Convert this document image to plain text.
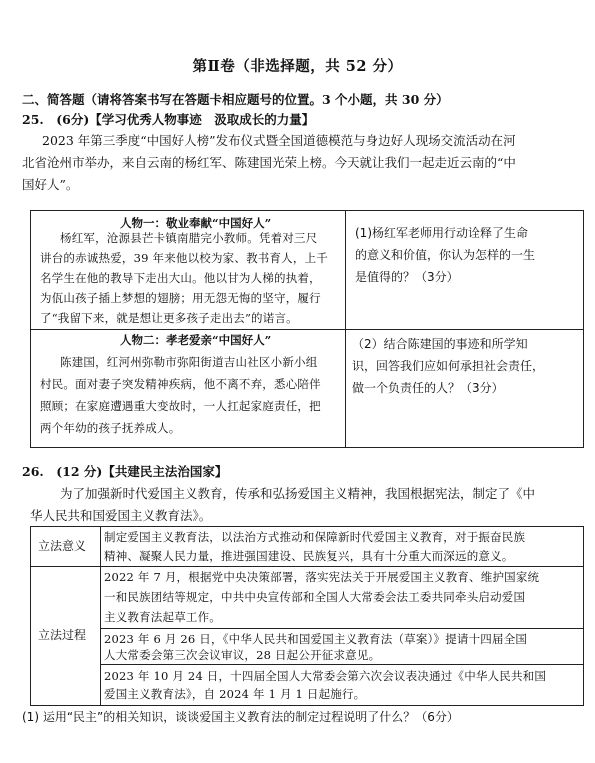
第Ⅱ卷（非选择题，共 52 分）
二、简答题（请将答案书写在答题卡相应题号的位置。3 个小题，共 30 分）
25.　(6分)【学习优秀人物事迹　汲取成长的力量】
2023 年第三季度“中国好人榜”发布仪式暨全国道德模范与身边好人现场交流活动在河
北省沧州市举办，来自云南的杨红军、陈建国光荣上榜。今天就让我们一起走近云南的“中
国好人”。
人物一：敬业奉献“中国好人”
杨红军，沧源县芒卡镇南腊完小教师。凭着对三尺
讲台的赤诚热爱，39 年来他以校为家、教书育人，上千
名学生在他的教导下走出大山。他以甘为人梯的执着，
为佤山孩子插上梦想的翅膀；用无怨无悔的坚守，履行
了“我留下来，就是想让更多孩子走出去”的诺言。
(1)杨红军老师用行动诠释了生命
的意义和价值，你认为怎样的一生
是值得的？（3分）
人物二：孝老爱亲“中国好人”
陈建国，红河州弥勒市弥阳街道吉山社区小新小组
村民。面对妻子突发精神疾病，他不离不弃，悉心陪伴
照顾；在家庭遭遇重大变故时，一人扛起家庭责任，把
两个年幼的孩子抚养成人。
（2）结合陈建国的事迹和所学知
识，回答我们应如何承担社会责任，
做一个负责任的人？（3分）
26.　(12 分)【共建民主法治国家】
为了加强新时代爱国主义教育，传承和弘扬爱国主义精神，我国根据宪法，制定了《中
华人民共和国爱国主义教育法》。
立法意义
制定爱国主义教育法，以法治方式推动和保障新时代爱国主义教育，对于振奋民族
精神、凝聚人民力量，推进强国建设、民族复兴，具有十分重大而深远的意义。
立法过程
2022 年 7 月，根据党中央决策部署，落实宪法关于开展爱国主义教育、维护国家统
一和民族团结等规定，中共中央宣传部和全国人大常委会法工委共同牵头启动爱国
主义教育法起草工作。
2023 年 6 月 26 日，《中华人民共和国爱国主义教育法（草案）》提请十四届全国
人大常委会第三次会议审议，28 日起公开征求意见。
2023 年 10 月 24 日，十四届全国人大常委会第六次会议表决通过《中华人民共和国
爱国主义教育法》，自 2024 年 1 月 1 日起施行。
(1) 运用“民主”的相关知识，谈谈爱国主义教育法的制定过程说明了什么？（6分）
